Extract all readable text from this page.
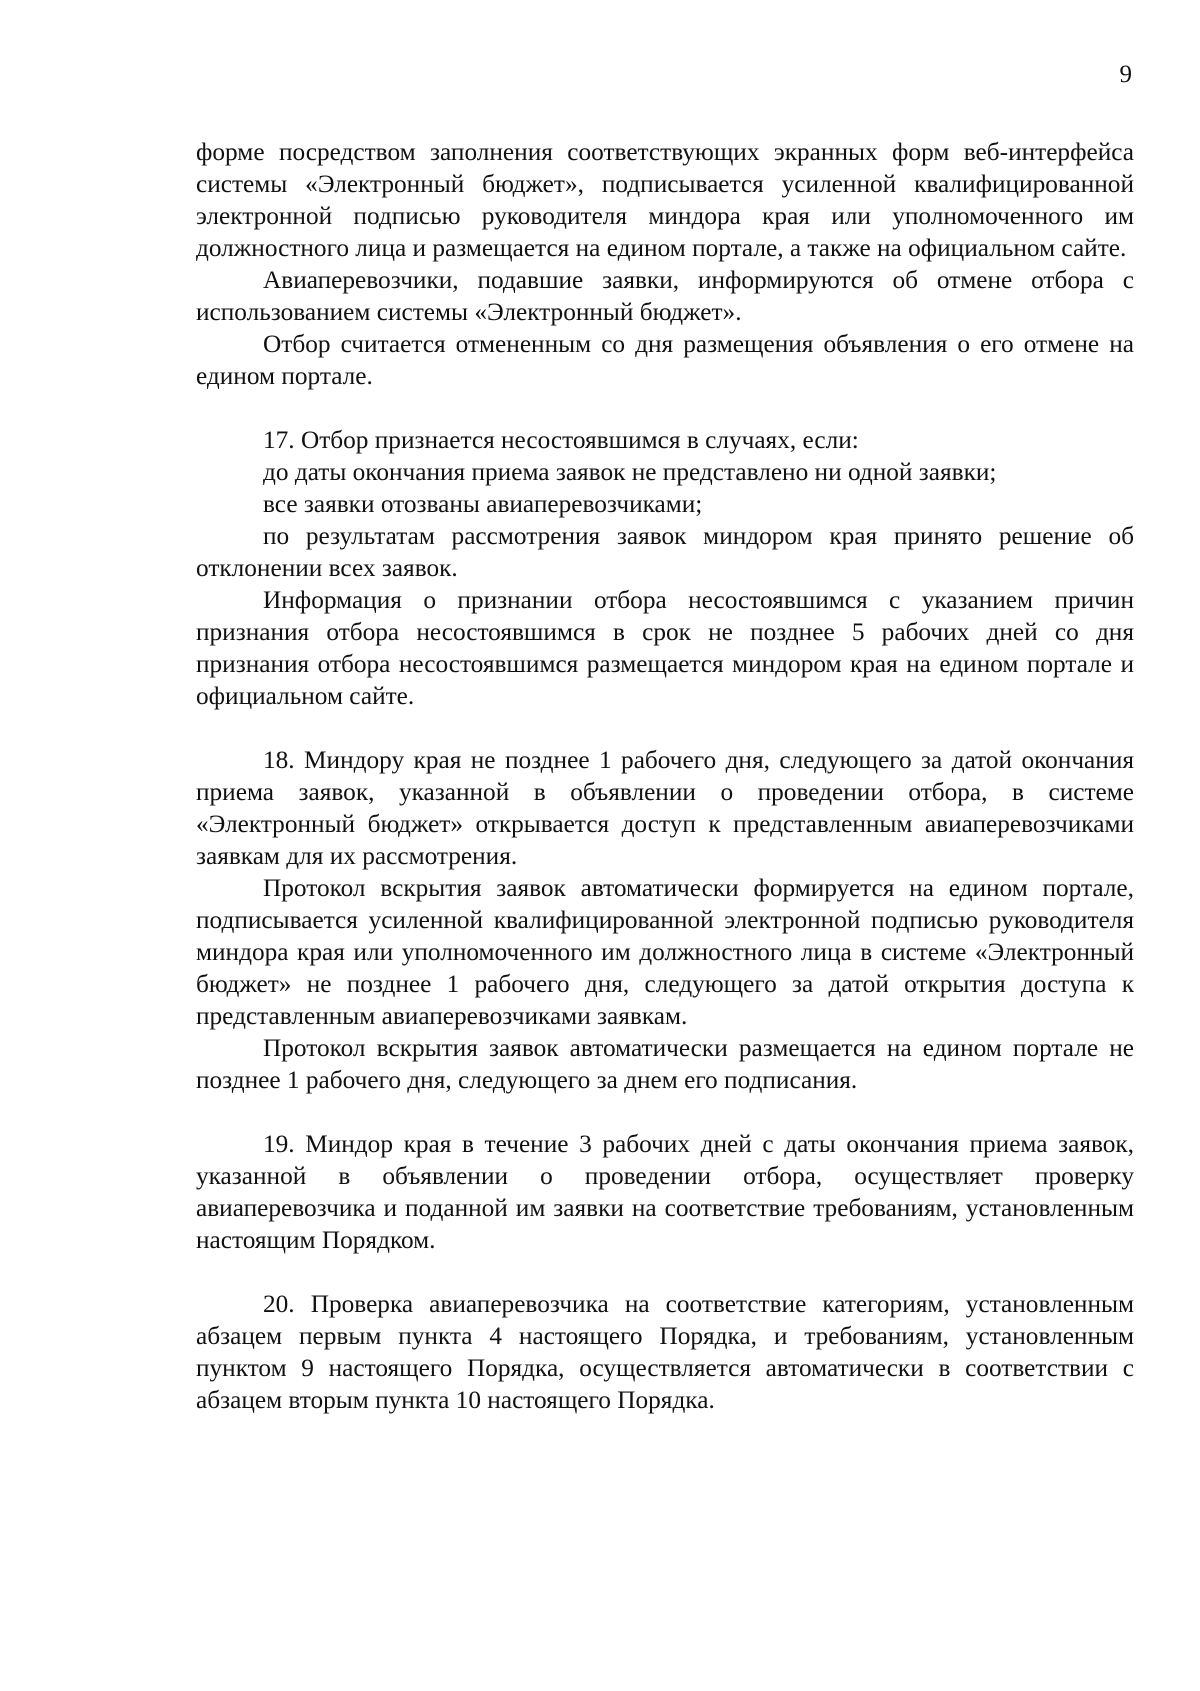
9

форме посредством заполнения соответствующих экранных форм веб-интерфейса системы «Электронный бюджет», подписывается усиленной квалифицированной электронной подписью руководителя миндора края или уполномоченного им должностного лица и размещается на едином портале, а также на официальном сайте.

Авиаперевозчики, подавшие заявки, информируются об отмене отбора с использованием системы «Электронный бюджет».

Отбор считается отмененным со дня размещения объявления о его отмене на едином портале.

17. Отбор признается несостоявшимся в случаях, если:

до даты окончания приема заявок не представлено ни одной заявки;

все заявки отозваны авиаперевозчиками;

по результатам рассмотрения заявок миндором края принято решение об отклонении всех заявок.

Информация о признании отбора несостоявшимся с указанием причин признания отбора несостоявшимся в срок не позднее 5 рабочих дней со дня признания отбора несостоявшимся размещается миндором края на едином портале и официальном сайте.

18. Миндору края не позднее 1 рабочего дня, следующего за датой окончания приема заявок, указанной в объявлении о проведении отбора, в системе «Электронный бюджет» открывается доступ к представленным авиаперевозчиками заявкам для их рассмотрения.

Протокол вскрытия заявок автоматически формируется на едином портале, подписывается усиленной квалифицированной электронной подписью руководителя миндора края или уполномоченного им должностного лица в системе «Электронный бюджет» не позднее 1 рабочего дня, следующего за датой открытия доступа к представленным авиаперевозчиками заявкам.

Протокол вскрытия заявок автоматически размещается на едином портале не позднее 1 рабочего дня, следующего за днем его подписания.

19. Миндор края в течение 3 рабочих дней с даты окончания приема заявок, указанной в объявлении о проведении отбора, осуществляет проверку авиаперевозчика и поданной им заявки на соответствие требованиям, установленным настоящим Порядком.

20. Проверка авиаперевозчика на соответствие категориям, установленным абзацем первым пункта 4 настоящего Порядка, и требованиям, установленным пунктом 9 настоящего Порядка, осуществляется автоматически в соответствии с абзацем вторым пункта 10 настоящего Порядка.
